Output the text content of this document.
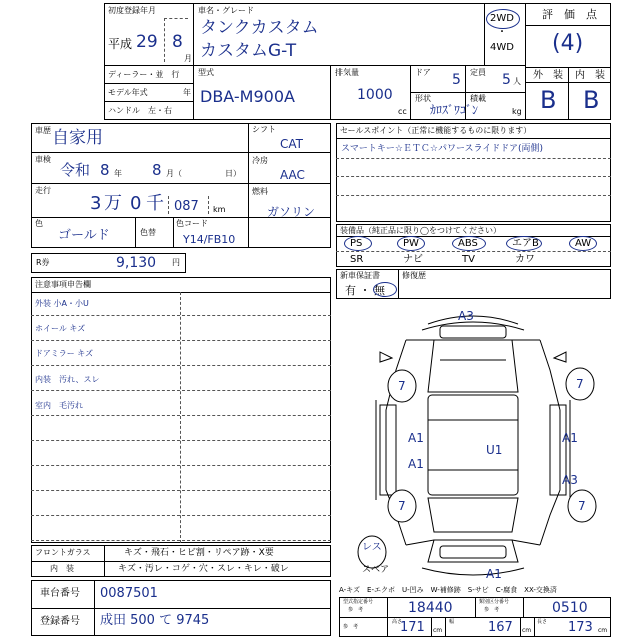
初度登録年月
平成 29 8
月
車名・グレード
タンクカスタム
カスタムG-T
2WD
・
4WD
評　価　点
(4)
ディーラー・並　行
モデル年式	年
ハンドル　左・右
型式
DBA-M900A
排気量
1000
cc
ドア 5 定員 5 人
形状
ｶﾛｽﾞﾜｺﾞﾝ
積載
kg
外　装 内　装
B B
車歴 自家用
車検
令和 8 年 8 月（	日）
走行
3 万 0 千 087 km
色
ゴールド	色替
色コード
Y14/FB10
シフト
CAT
冷房
AAC
燃料
ガソリン
R券	9,130 円
セールスポイント（正常に機能するものに限ります）
スマートキー☆ＥＴＣ☆パワースライドドア(両側)
装備品（純正品に限り◯をつけてください）
PS	PW	ABS	エアB	AW
SR	ナビ	TV	カワ
新車保証書
有 ・ 無
修復歴
注意事項申告欄
外装 小A・小U
ホイール キズ
ドアミラー キズ
内装　汚れ、スレ
室内　毛汚れ
フロントガラス	キズ・飛石・ヒビ割・リペア跡・X要
内　装	キズ・汚レ・コゲ・穴・スレ・キレ・破レ
車台番号 0087501
登録番号 成田 500 て 9745
A3
7	7
A1
A1
U1
A1
A3
7	7
レス
A1
スペア
A-キズ　E-エクボ　U-凹み　W-補修跡　S-サビ　C-腐食　XX-交換済
型式指定番号
参　考	18440	類別区分番号
参　考	0510
高さ
171 cm
幅	167 cm
長さ 173 cm
参　考
